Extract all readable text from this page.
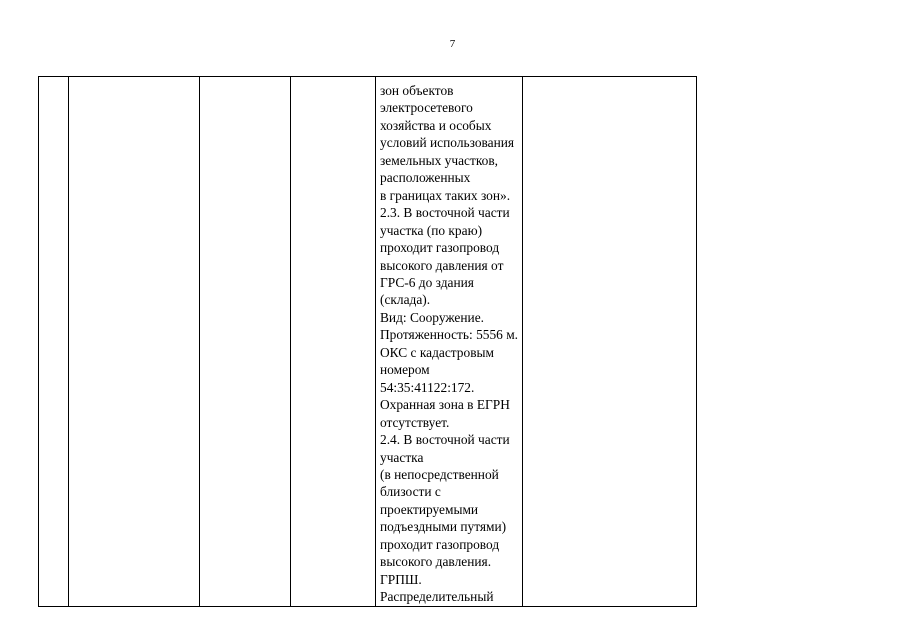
7

зон объектов
электросетевого
хозяйства и особых
условий использования
земельных участков,
расположенных
в границах таких зон».
2.3. В восточной части
участка (по краю)
проходит газопровод
высокого давления от
ГРС-6 до здания
(склада).
Вид: Сооружение.
Протяженность: 5556 м.
ОКС с кадастровым
номером
54:35:41122:172.
Охранная зона в ЕГРН
отсутствует.
2.4. В восточной части
участка
(в непосредственной
близости с
проектируемыми
подъездными путями)
проходит газопровод
высокого давления.
ГРПШ.
Распределительный
